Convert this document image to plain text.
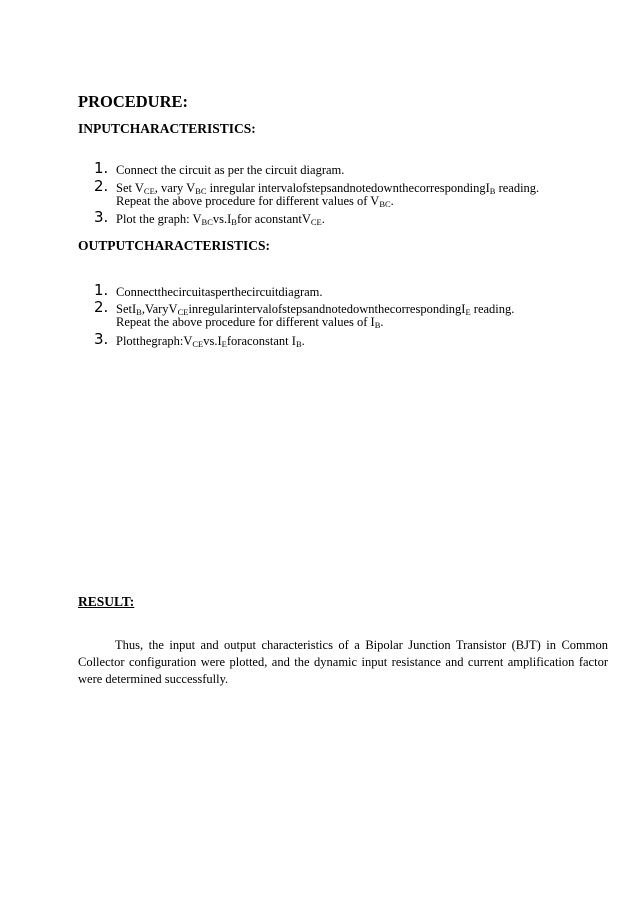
PROCEDURE:
INPUTCHARACTERISTICS:
1. Connect the circuit as per the circuit diagram.
2. Set $V_{CE}$, vary $V_{BC}$ inregular intervalofstepsandnotedownthecorrespondingI$_B$ reading.
Repeat the above procedure for different values of $V_{BC}$.
3. Plot the graph: $V_{BC}vs.I_Bfor$ aconstantV$_{CE}$.
OUTPUTCHARACTERISTICS:
1. Connectthecircuitasperthecircuitdiagram.
2. SetI$_B$,VaryV$_{CE}$inregularintervalofstepsandnotedownthecorrespondingI$_E$ reading.
Repeat the above procedure for different values of $I_B$.
3. $Plotthegraph:V_{CE}vs.I_Eforaconstant$ $I_B$.
RESULT:
Thus, the input and output characteristics of a Bipolar Junction Transistor (BJT) in Common Collector configuration were plotted, and the dynamic input resistance and current amplification factor were determined successfully.
